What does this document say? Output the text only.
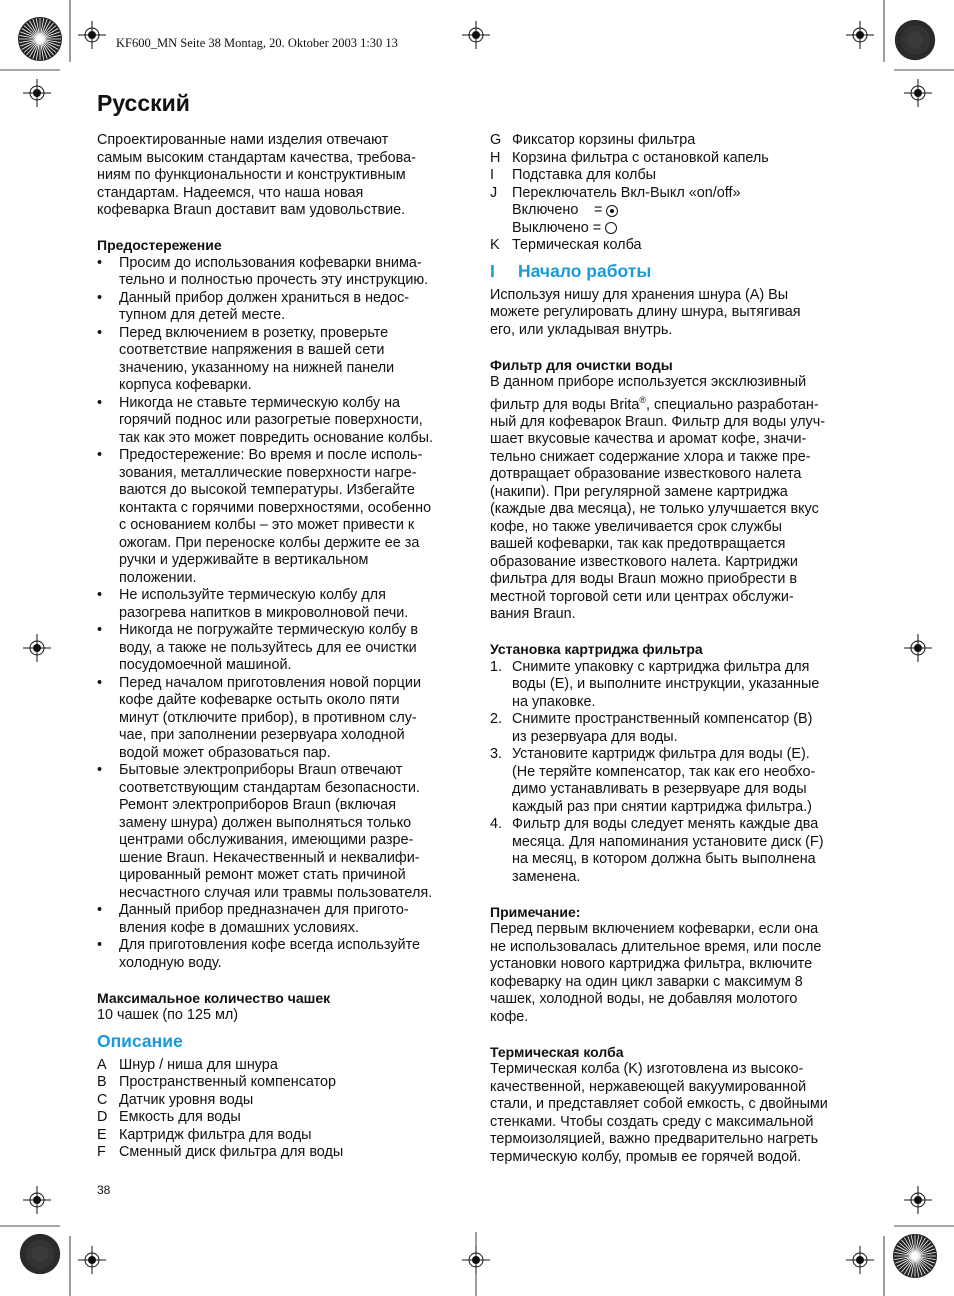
KF600_MN Seite 38 Montag, 20. Oktober 2003 1:30 13
Русский
Спроектированные нами изделия отвечают
самым высоким стандартам качества, требова-
ниям по функциональности и конструктивным
стандартам. Надеемся, что наша новая
кофеварка Braun доставит вам удовольствие.
Предостережение
• Просим до использования кофеварки внима-
тельно и полностью прочесть эту инструкцию.
• Данный прибор должен храниться в недос-
тупном для детей месте.
• Перед включением в розетку, проверьте
соответствие напряжения в вашей сети
значению, указанному на нижней панели
корпуса кофеварки.
• Никогда не ставьте термическую колбу на
горячий поднос или разогретые поверхности,
так как это может повредить основание колбы.
• Предостережение: Во время и после исполь-
зования, металлические поверхности нагре-
ваются до высокой температуры. Избегайте
контакта с горячими поверхностями, особенно
с основанием колбы – это может привести к
ожогам. При переноске колбы держите ее за
ручки и удерживайте в вертикальном
положении.
• Не используйте термическую колбу для
разогрева напитков в микроволновой печи.
• Никогда не погружайте термическую колбу в
воду, а также не пользуйтесь для ее очистки
посудомоечной машиной.
• Перед началом приготовления новой порции
кофе дайте кофеварке остыть около пяти
минут (отключите прибор), в противном слу-
чае, при заполнении резервуара холодной
водой может образоваться пар.
• Бытовые электроприборы Braun отвечают
соответствующим стандартам безопасности.
Ремонт электроприборов Braun (включая
замену шнура) должен выполняться только
центрами обслуживания, имеющими разре-
шение Braun. Некачественный и неквалифи-
цированный ремонт может стать причиной
несчастного случая или травмы пользователя.
• Данный прибор предназначен для пригото-
вления кофе в домашних условиях.
• Для приготовления кофе всегда используйте
холодную воду.
Максимальное количество чашек
10 чашек (по 125 мл)
Описание
A Шнур / ниша для шнура
B Пространственный компенсатор
C Датчик уровня воды
D Емкость для воды
E Картридж фильтра для воды
F Сменный диск фильтра для воды
G Фиксатор корзины фильтра
H Корзина фильтра с остановкой капель
I Подставка для колбы
J Переключатель Вкл-Выкл «on/off»
Включено	=
Выключено =
K Термическая колба
I Начало работы
Используя нишу для хранения шнура (A) Вы
можете регулировать длину шнура, вытягивая
его, или укладывая внутрь.
Фильтр для очистки воды
В данном приборе используется эксклюзивный
фильтр для воды Brita®, специально разработан-
ный для кофеварок Braun. Фильтр для воды улуч-
шает вкусовые качества и аромат кофе, значи-
тельно снижает содержание хлора и также пре-
дотвращает образование известкового налета
(накипи). При регулярной замене картриджа
(каждые два месяца), не только улучшается вкус
кофе, но также увеличивается срок службы
вашей кофеварки, так как предотвращается
образование известкового налета. Картриджи
фильтра для воды Braun можно приобрести в
местной торговой сети или центрах обслужи-
вания Braun.
Установка картриджа фильтра
1. Снимите упаковку с картриджа фильтра для
воды (E), и выполните инструкции, указанные
на упаковке.
2. Снимите пространственный компенсатор (B)
из резервуара для воды.
3. Установите картридж фильтра для воды (E).
(Не теряйте компенсатор, так как его необхо-
димо устанавливать в резервуаре для воды
каждый раз при снятии картриджа фильтра.)
4. Фильтр для воды следует менять каждые два
месяца. Для напоминания установите диск (F)
на месяц, в котором должна быть выполнена
заменена.
Примечание:
Перед первым включением кофеварки, если она
не использовалась длительное время, или после
установки нового картриджа фильтра, включите
кофеварку на один цикл заварки с максимум 8
чашек, холодной воды, не добавляя молотого
кофе.
Термическая колба
Термическая колба (K) изготовлена из высоко-
качественной, нержавеющей вакуумированной
стали, и представляет собой емкость, с двойными
стенками. Чтобы создать среду с максимальной
термоизоляцией, важно предварительно нагреть
термическую колбу, промыв ее горячей водой.
38
